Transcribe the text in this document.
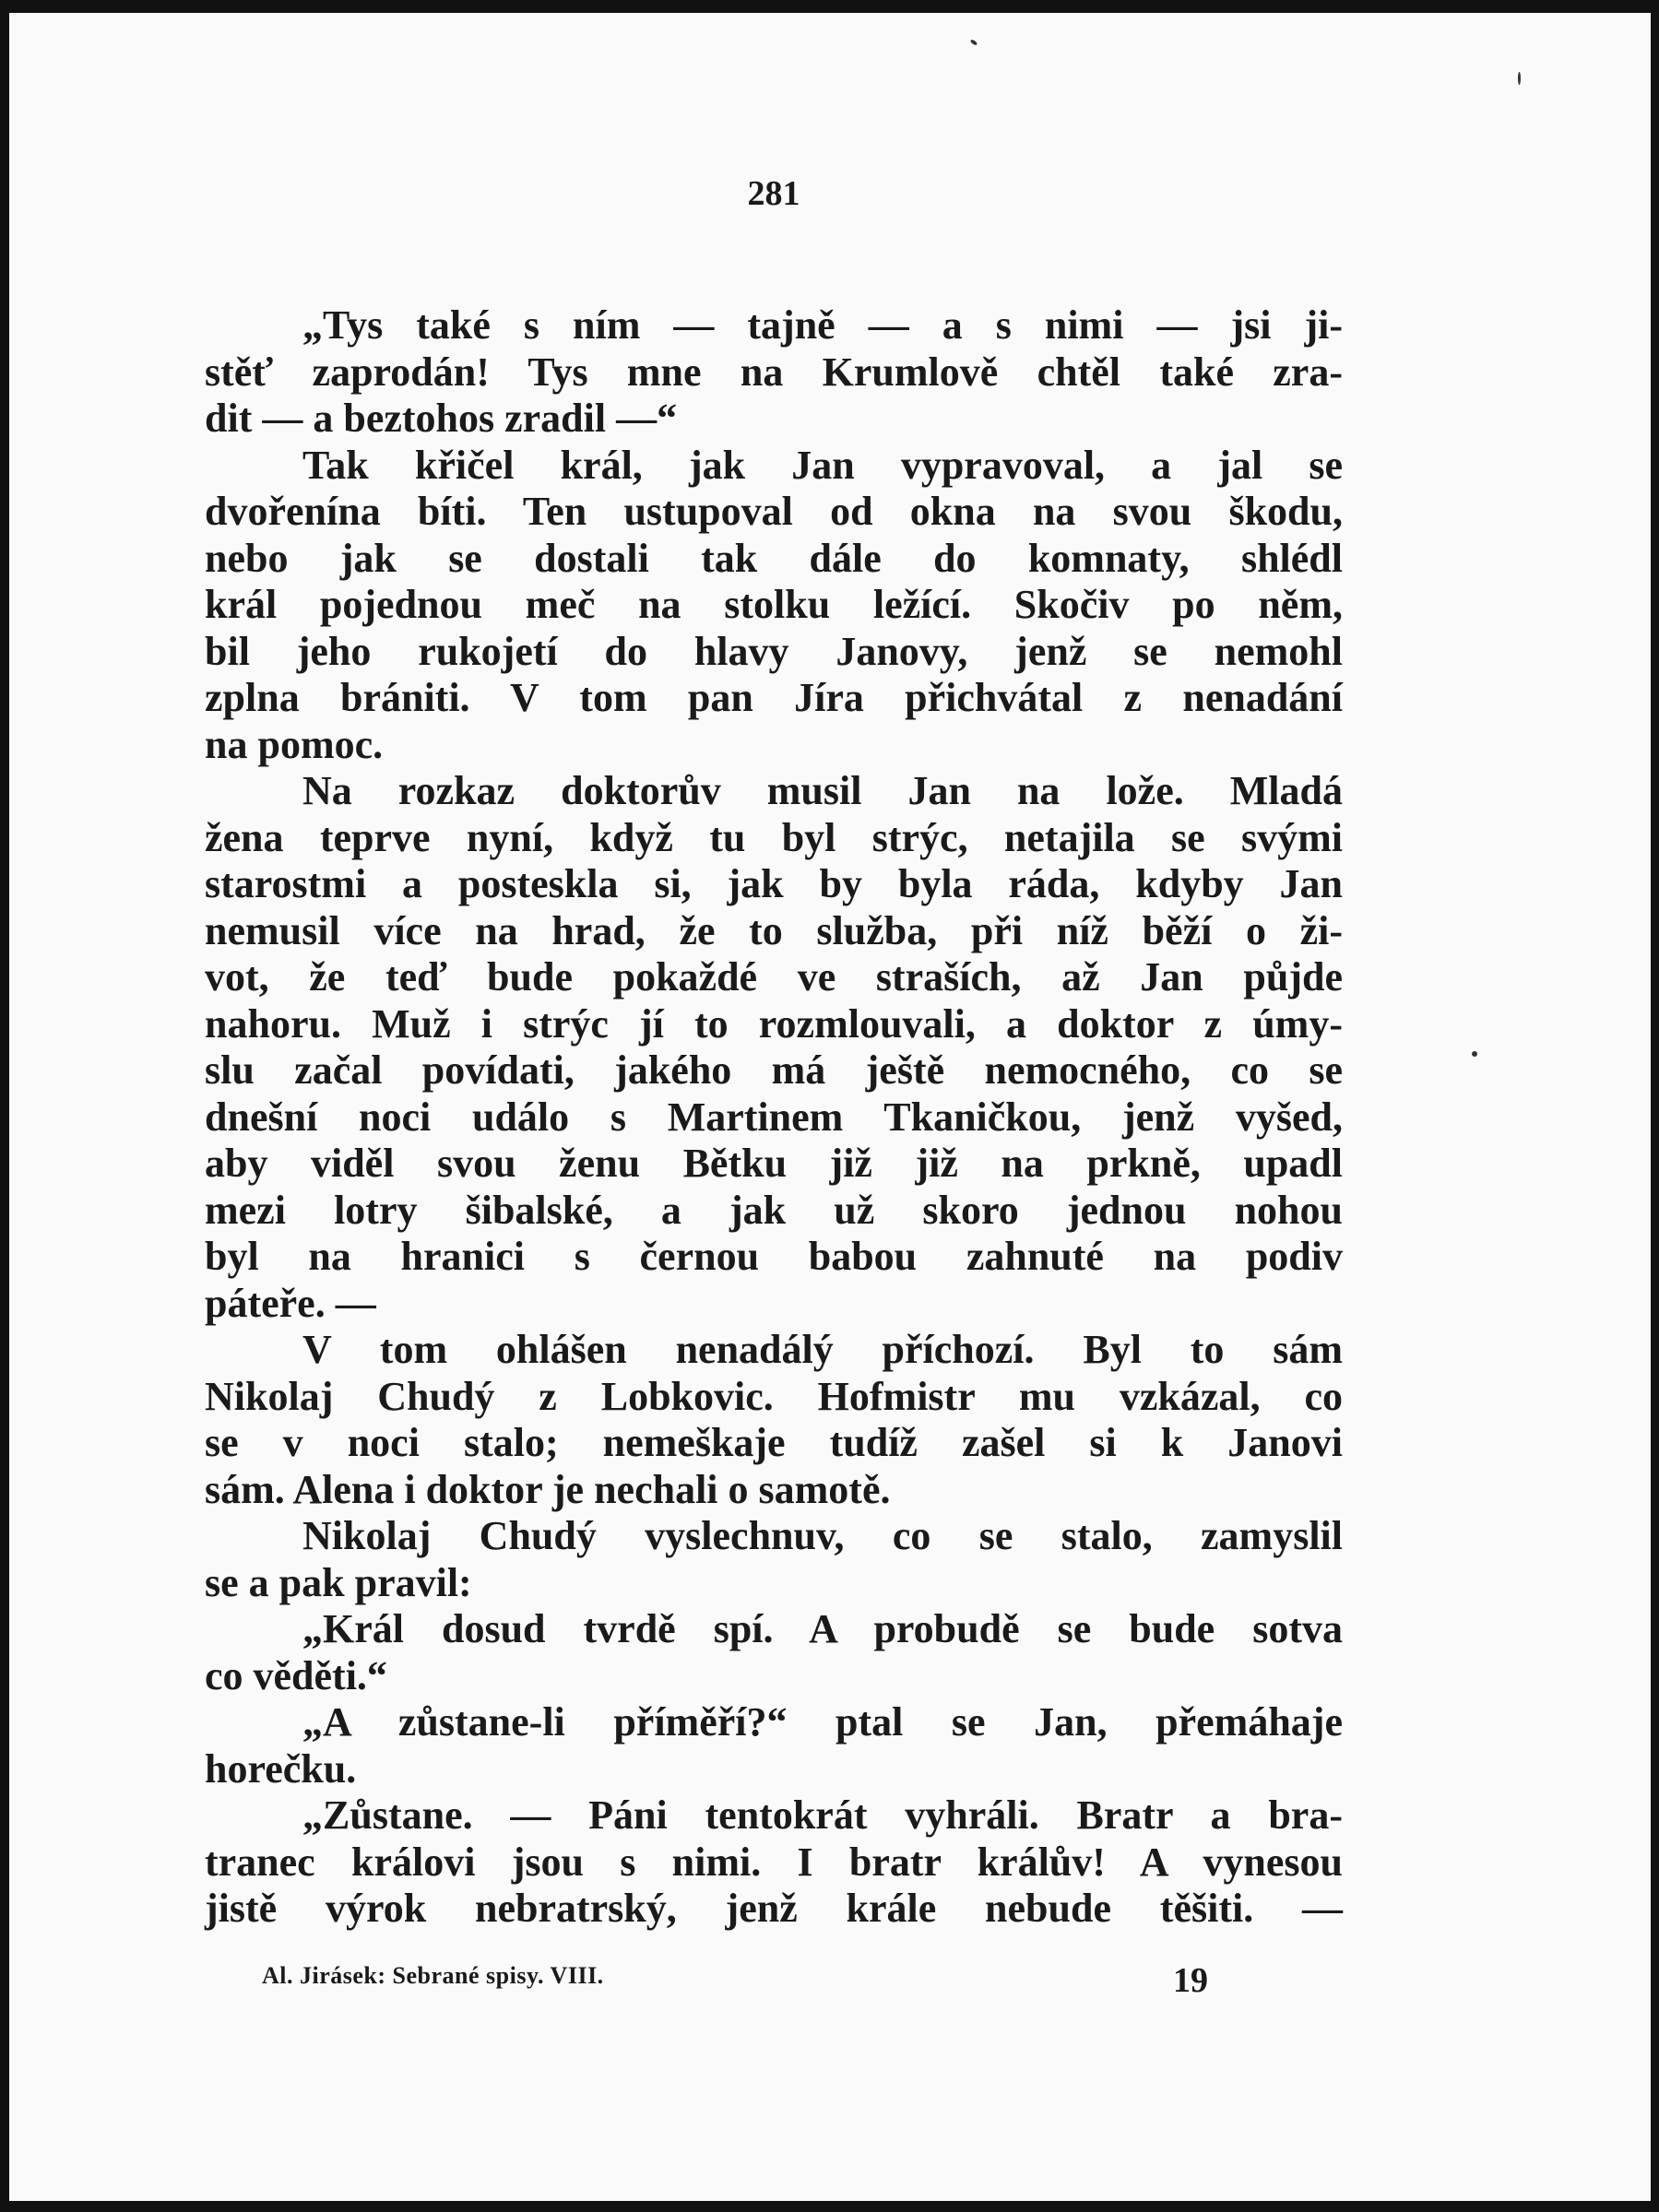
281
„Tys také s ním — tajně — a s nimi — jsi ji-
stěť zaprodán! Tys mne na Krumlově chtěl také zra-
dit — a beztohos zradil —“
Tak křičel král, jak Jan vypravoval, a jal se
dvořenína bíti. Ten ustupoval od okna na svou škodu,
nebo jak se dostali tak dále do komnaty, shlédl
král pojednou meč na stolku ležící. Skočiv po něm,
bil jeho rukojetí do hlavy Janovy, jenž se nemohl
zplna brániti. V tom pan Jíra přichvátal z nenadání
na pomoc.
Na rozkaz doktorův musil Jan na lože. Mladá
žena teprve nyní, když tu byl strýc, netajila se svými
starostmi a posteskla si, jak by byla ráda, kdyby Jan
nemusil více na hrad, že to služba, při níž běží o ži-
vot, že teď bude pokaždé ve straších, až Jan půjde
nahoru. Muž i strýc jí to rozmlouvali, a doktor z úmy-
slu začal povídati, jakého má ještě nemocného, co se
dnešní noci událo s Martinem Tkaničkou, jenž vyšed,
aby viděl svou ženu Bětku již již na prkně, upadl
mezi lotry šibalské, a jak už skoro jednou nohou
byl na hranici s černou babou zahnuté na podiv
páteře. —
V tom ohlášen nenadálý příchozí. Byl to sám
Nikolaj Chudý z Lobkovic. Hofmistr mu vzkázal, co
se v noci stalo; nemeškaje tudíž zašel si k Janovi
sám. Alena i doktor je nechali o samotě.
Nikolaj Chudý vyslechnuv, co se stalo, zamyslil
se a pak pravil:
„Král dosud tvrdě spí. A probudě se bude sotva
co věděti.“
„A zůstane-li příměří?“ ptal se Jan, přemáhaje
horečku.
„Zůstane. — Páni tentokrát vyhráli. Bratr a bra-
tranec královi jsou s nimi. I bratr králův! A vynesou
jistě výrok nebratrský, jenž krále nebude těšiti. —
Al. Jirásek: Sebrané spisy. VIII.	19
